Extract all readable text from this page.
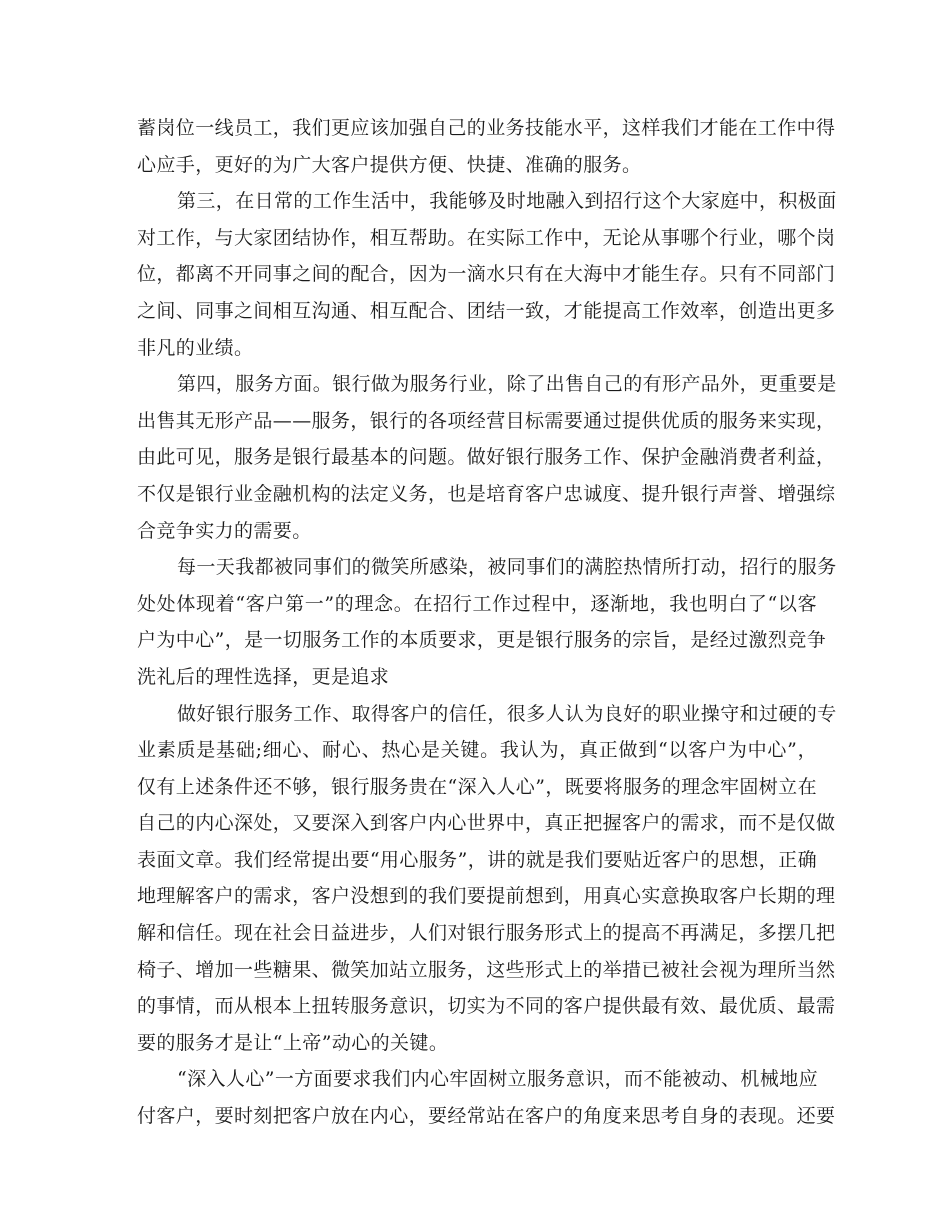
蓄岗位一线员工，我们更应该加强自己的业务技能水平，这样我们才能在工作中得
心应手，更好的为广大客户提供方便、快捷、准确的服务。
第三，在日常的工作生活中，我能够及时地融入到招行这个大家庭中，积极面
对工作，与大家团结协作，相互帮助。在实际工作中，无论从事哪个行业，哪个岗
位，都离不开同事之间的配合，因为一滴水只有在大海中才能生存。只有不同部门
之间、同事之间相互沟通、相互配合、团结一致，才能提高工作效率，创造出更多
非凡的业绩。
第四，服务方面。银行做为服务行业，除了出售自己的有形产品外，更重要是
出售其无形产品——服务，银行的各项经营目标需要通过提供优质的服务来实现，
由此可见，服务是银行最基本的问题。做好银行服务工作、保护金融消费者利益，
不仅是银行业金融机构的法定义务，也是培育客户忠诚度、提升银行声誉、增强综
合竞争实力的需要。
每一天我都被同事们的微笑所感染，被同事们的满腔热情所打动，招行的服务
处处体现着“客户第一”的理念。在招行工作过程中，逐渐地，我也明白了“以客
户为中心”，是一切服务工作的本质要求，更是银行服务的宗旨，是经过激烈竞争
洗礼后的理性选择，更是追求
做好银行服务工作、取得客户的信任，很多人认为良好的职业操守和过硬的专
业素质是基础;细心、耐心、热心是关键。我认为，真正做到“以客户为中心”，
仅有上述条件还不够，银行服务贵在“深入人心”，既要将服务的理念牢固树立在
自己的内心深处，又要深入到客户内心世界中，真正把握客户的需求，而不是仅做
表面文章。我们经常提出要“用心服务”，讲的就是我们要贴近客户的思想，正确
地理解客户的需求，客户没想到的我们要提前想到，用真心实意换取客户长期的理
解和信任。现在社会日益进步，人们对银行服务形式上的提高不再满足，多摆几把
椅子、增加一些糖果、微笑加站立服务，这些形式上的举措已被社会视为理所当然
的事情，而从根本上扭转服务意识，切实为不同的客户提供最有效、最优质、最需
要的服务才是让“上帝”动心的关键。
“深入人心”一方面要求我们内心牢固树立服务意识，而不能被动、机械地应
付客户，要时刻把客户放在内心，要经常站在客户的角度来思考自身的表现。还要
